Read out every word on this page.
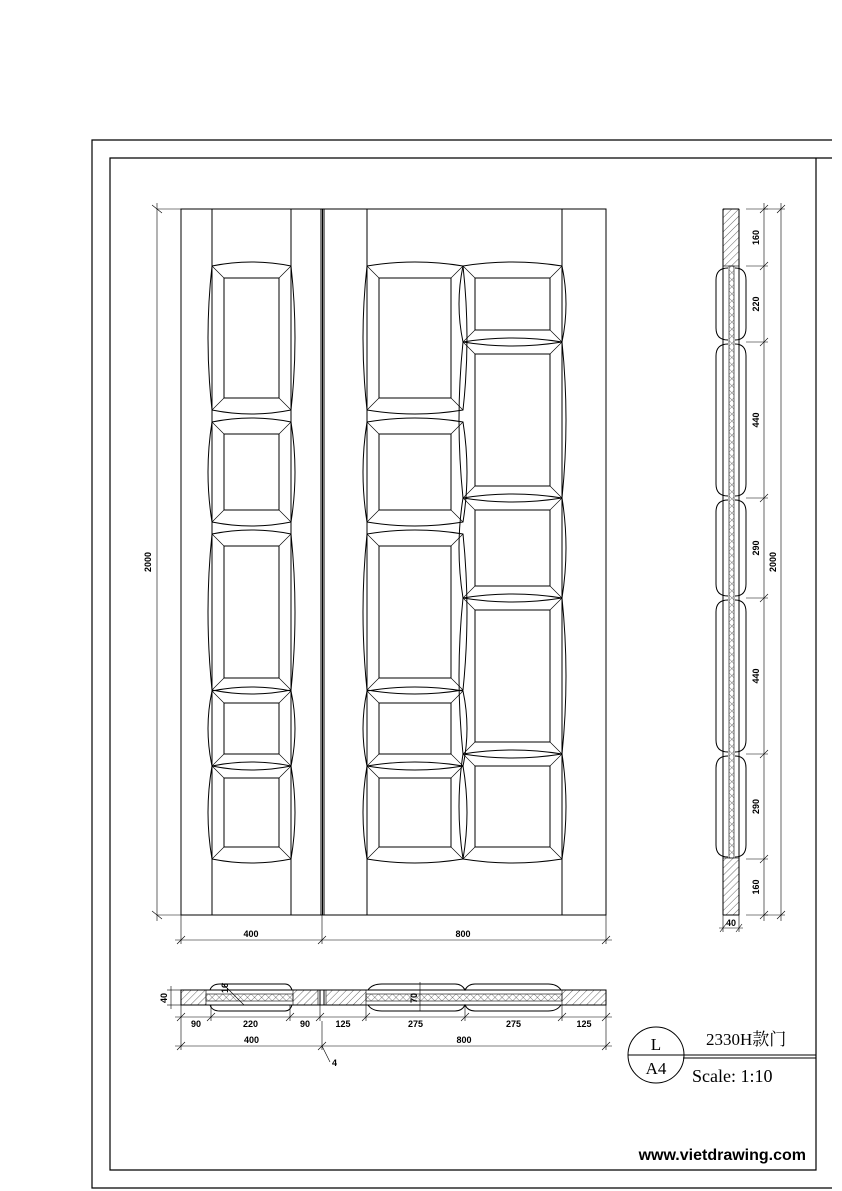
2000
400	800
160
220
440
290
440
290
160
2000
40
40
16
70
90	220	90	125	275	275	125
400	800
4
L
A4
2330H款门
Scale: 1:10
www.vietdrawing.com
